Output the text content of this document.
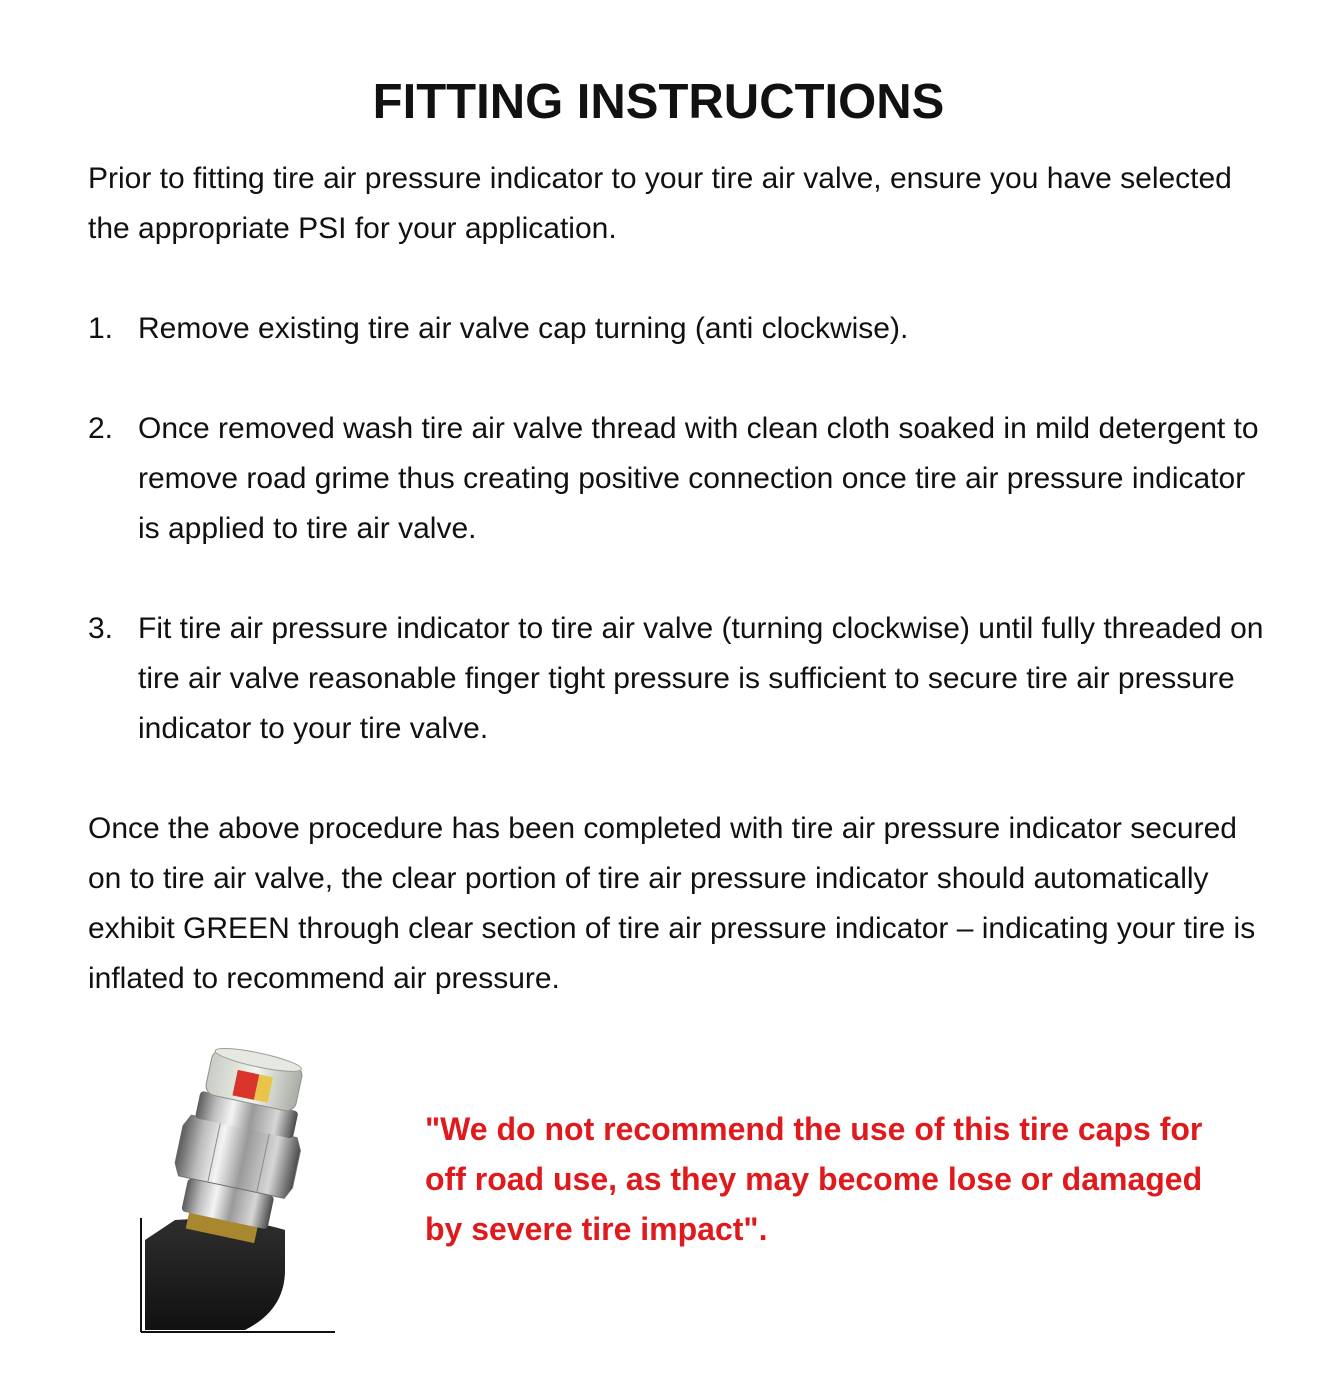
FITTING INSTRUCTIONS

Prior to fitting tire air pressure indicator to your tire air valve, ensure you have selected the appropriate PSI for your application.

1. Remove existing tire air valve cap turning (anti clockwise).
2. Once removed wash tire air valve thread with clean cloth soaked in mild detergent to remove road grime thus creating positive connection once tire air pressure indicator is applied to tire air valve.
3. Fit tire air pressure indicator to tire air valve (turning clockwise) until fully threaded on tire air valve reasonable finger tight pressure is sufficient to secure tire air pressure indicator to your tire valve.

Once the above procedure has been completed with tire air pressure indicator secured on to tire air valve, the clear portion of tire air pressure indicator should automatically exhibit GREEN through clear section of tire air pressure indicator – indicating your tire is inflated to recommend air pressure.

"We do not recommend the use of this tire caps for off road use, as they may become lose or damaged by severe tire impact".
